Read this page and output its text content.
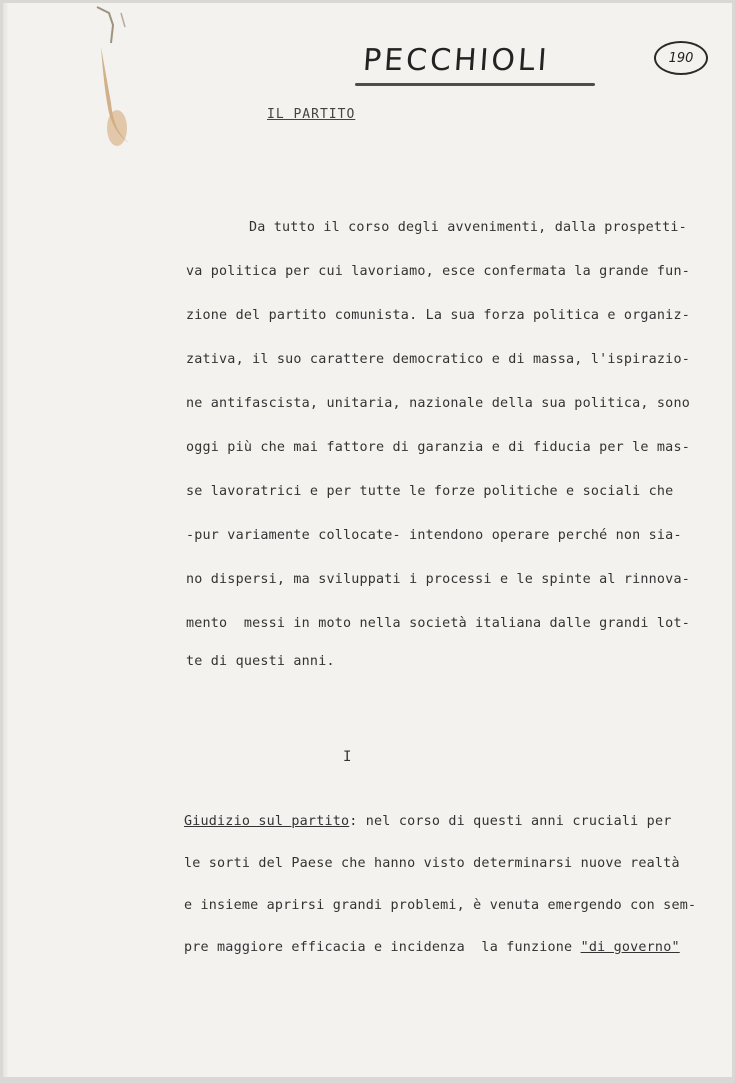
PECCHIOLI	190
IL PARTITO
Da tutto il corso degli avvenimenti, dalla prospetti-
va politica per cui lavoriamo, esce confermata la grande fun-
zione del partito comunista. La sua forza politica e organiz-
zativa, il suo carattere democratico e di massa, l'ispirazio-
ne antifascista, unitaria, nazionale della sua politica, sono
oggi più che mai fattore di garanzia e di fiducia per le mas-
se lavoratrici e per tutte le forze politiche e sociali che
-pur variamente collocate- intendono operare perché non sia-
no dispersi, ma sviluppati i processi e le spinte al rinnova-
mento  messi in moto nella società italiana dalle grandi lot-
te di questi anni.
I
Giudizio sul partito: nel corso di questi anni cruciali per
le sorti del Paese che hanno visto determinarsi nuove realtà
e insieme aprirsi grandi problemi, è venuta emergendo con sem-
pre maggiore efficacia e incidenza  la funzione "di governo"
